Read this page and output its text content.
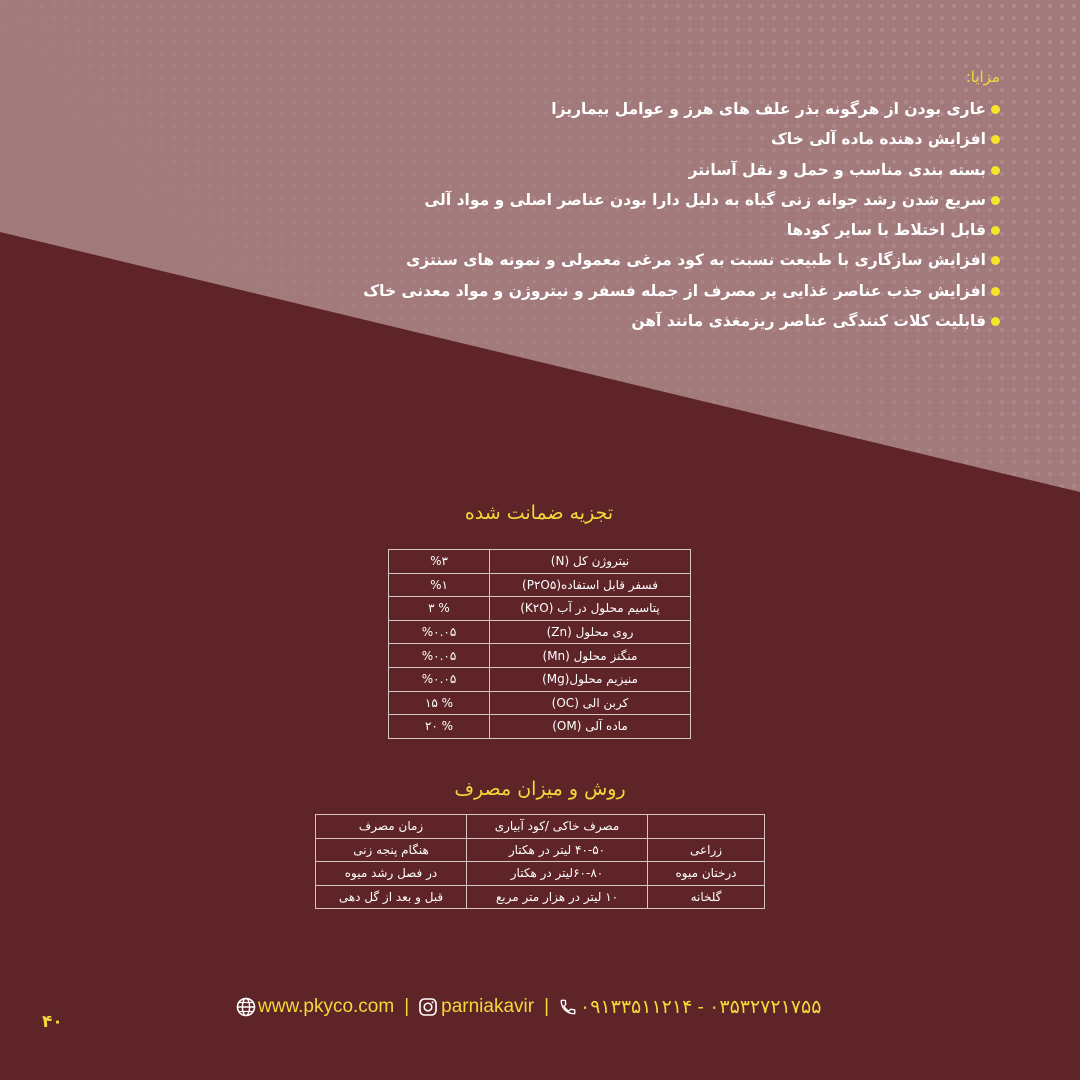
مزایا:
عاری بودن از هرگونه بذر علف های هرز و عوامل بیماریزا
افزایش دهنده ماده آلی خاک
بسته بندی مناسب و حمل و نقل آسانتر
سریع شدن رشد جوانه زنی گیاه به دلیل دارا بودن عناصر اصلی و مواد آلی
قابل اختلاط با سایر کودها
افزایش سازگاری با طبیعت نسبت به کود مرغی معمولی و نمونه های سنتزی
افزایش جذب عناصر غذایی پر مصرف از جمله فسفر و نیتروژن و مواد معدنی خاک
قابلیت کلات کنندگی عناصر ریزمغذی مانند آهن
تجزیه ضمانت شده
نیتروژن کل (N)	%۳
فسفر قابل استفاده(P۲O۵)	%۱
پتاسیم محلول در آب (K۲O)	% ۳
روی محلول (Zn)	%۰.۰۵
منگنز محلول (Mn)	%۰.۰۵
منیزیم محلول(Mg)	%۰.۰۵
کربن الی (OC)	% ۱۵
ماده آلی (OM)	% ۲۰
روش و میزان مصرف
	مصرف خاکی /کود آبیاری	زمان مصرف
زراعی	۴۰-۵۰ لیتر در هکتار	هنگام پنجه زنی
درختان میوه	۶۰-۸۰لیتر در هکتار	در فصل رشد میوه
گلخانه	۱۰ لیتر در هزار متر مربع	قبل و بعد از گل دهی
www.pkyco.com | parniakavir | ۰۹۱۳۳۵۱۱۲۱۴ - ۰۳۵۳۲۷۲۱۷۵۵
۴۰
